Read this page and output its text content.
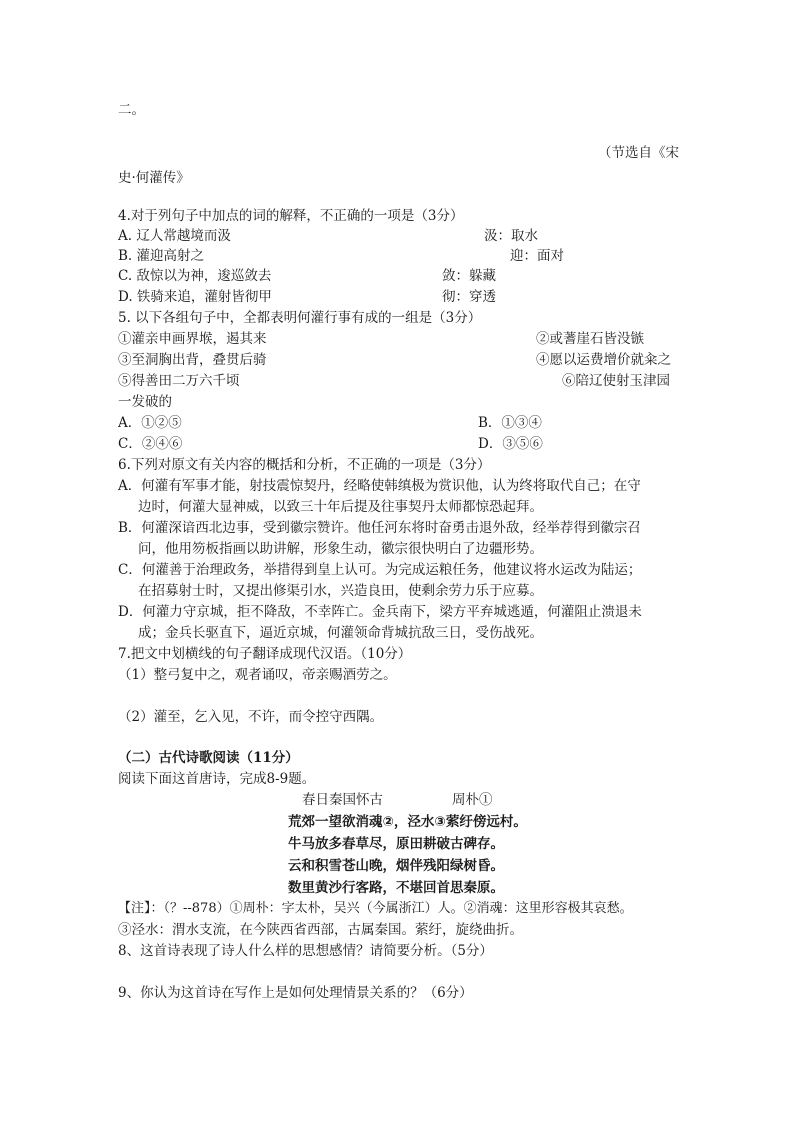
二。
（节选自《宋
史·何灌传》
4.对于列句子中加点的词的解释，不正确的一项是（3分）
A. 辽人常越境而汲	汲：取水
B. 灌迎高射之	迎：面对
C. 敌惊以为神，逡巡敛去	敛：躲藏
D. 铁骑来追，灌射皆彻甲	彻：穿透
5. 以下各组句子中，全都表明何灌行事有成的一组是（3分）
①灌亲申画界堠，遏其来	②或蓍崖石皆没镞
③至洞胸出背，叠贯后骑	④愿以运费增价就籴之
⑤得善田二万六千顷	⑥陪辽使射玉津园
一发破的
A．①②⑤	B．①③④
C．②④⑥	D．③⑤⑥
6.下列对原文有关内容的概括和分析，不正确的一项是（3分）
A．何灌有军事才能，射技震惊契丹，经略使韩缜极为赏识他，认为终将取代自己；在守
边时，何灌大显神威，以致三十年后提及往事契丹太师都惊恐起拜。
B．何灌深谙西北边事，受到徽宗赞许。他任河东将时奋勇击退外敌，经举荐得到徽宗召
问，他用笏板指画以助讲解，形象生动，徽宗很快明白了边疆形势。
C．何灌善于治理政务，举措得到皇上认可。为完成运粮任务，他建议将水运改为陆运；
在招募射士时，又提出修渠引水，兴造良田，使剩余劳力乐于应募。
D．何灌力守京城，拒不降敌，不幸阵亡。金兵南下，梁方平弃城逃遁，何灌阻止溃退未
成；金兵长驱直下，逼近京城，何灌领命背城抗敌三日，受伤战死。
7.把文中划横线的句子翻译成现代汉语。（10分）
（1）整弓复中之，观者诵叹，帝亲赐酒劳之。
（2）灌至，乞入见，不许，而令控守西隅。
（二）古代诗歌阅读（11分）
阅读下面这首唐诗，完成8-9题。
春日秦国怀古	周朴①
荒郊一望欲消魂②，泾水③萦纡傍远村。
牛马放多春草尽，原田耕破古碑存。
云和积雪苍山晚，烟伴残阳绿树昏。
数里黄沙行客路，不堪回首思秦原。
【注】：（？--878）①周朴：字太朴，吴兴（今属浙江）人。②消魂：这里形容极其哀愁。
③泾水：渭水支流，在今陕西省西部，古属秦国。萦纡，旋绕曲折。
8、这首诗表现了诗人什么样的思想感情？请简要分析。（5分）
9、你认为这首诗在写作上是如何处理情景关系的？（6分）
